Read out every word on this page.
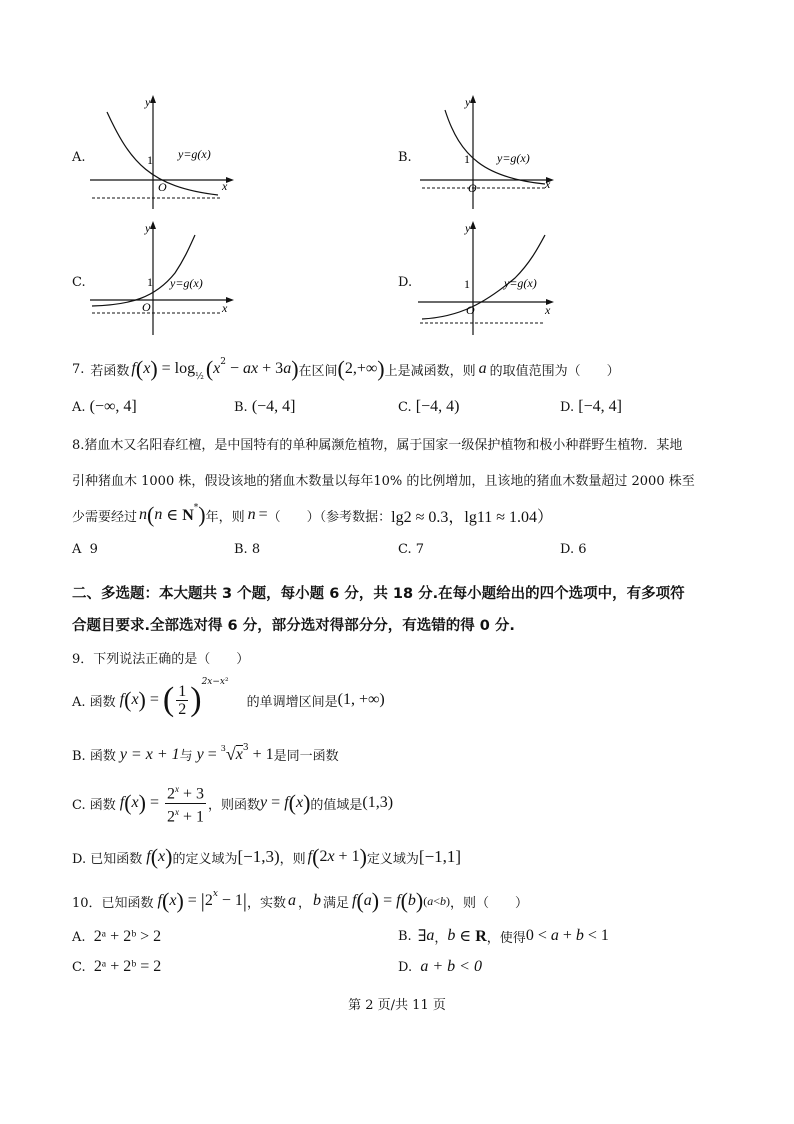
y
x
1
O
y=g(x)
A.
y
x
1
O
y=g(x)
B.
y
x
1
O
y=g(x)
C.
y
x
1
O
y=g(x)
D.
7. 若函数 f ( x ) = log ½ ( x 2 − ax + 3 a ) 在区间 ( 2,+∞ ) 上是减函数，则 a 的取值范围为（　　）
A. (−∞, 4]	B. (−4, 4]	C. [−4, 4)	D. [−4, 4]
8.猪血木又名阳春红檀，是中国特有的单种属濒危植物，属于国家一级保护植物和极小种群野生植物．某地
引种猪血木 1000 株，假设该地的猪血木数量以每年10% 的比例增加，且该地的猪血木数量超过 2000 株至
少需要经过 n ( n ∈ N * ) 年，则 n = （　　）（参考数据： lg2 ≈ 0.3，lg11 ≈ 1.04）
A 9	B. 8	C. 7	D. 6
二、多选题：本大题共 3 个题，每小题 6 分，共 18 分.在每小题给出的四个选项中，有多项符
合题目要求.全部选对得 6 分，部分选对得部分分，有选错的得 0 分.
9．下列说法正确的是（　　）
A. 函数 f ( x ) = ( $\frac{1}{2}$ ) 2x−x²
的单调增区间是 (1, +∞)
B. 函数 y = x + 1 与 y = 3 √ x 3 + 1 是同一函数
C. 函数 f ( x ) = $\frac{2^x + 3}{2^x + 1}$ ，则函数 y = f ( x ) 的值域是 (1,3)
D. 已知函数 f ( x ) 的定义域为 [−1,3) ，则 f ( 2 x + 1 ) 定义域为 [−1,1]
10．已知函数 f ( x ) = | 2 x − 1 | ，实数 a ， b 满足 f ( a ) = f ( b ) (a<b) ，则（　　）
A. 2ᵃ + 2ᵇ > 2	B. ∃ a ， b ∈ R ，使得 0 < a + b < 1
C. 2ᵃ + 2ᵇ = 2	D. a + b < 0
第 2 页/共 11 页
